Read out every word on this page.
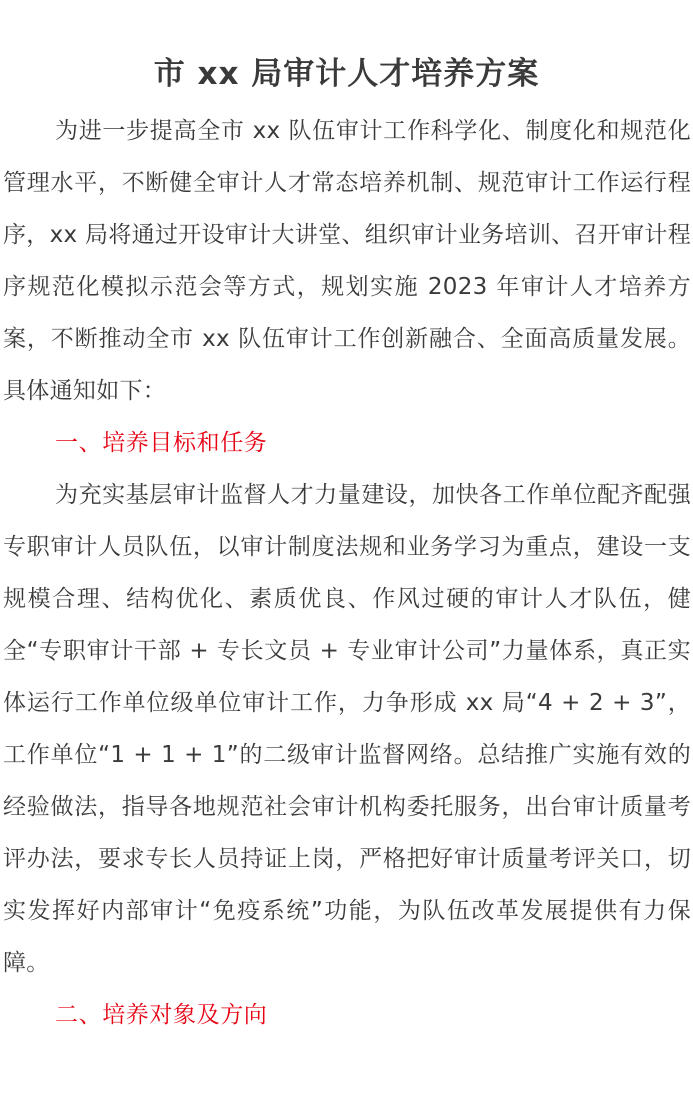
市 xx 局审计人才培养方案

为进一步提高全市 xx 队伍审计工作科学化、制度化和规范化管理水平，不断健全审计人才常态培养机制、规范审计工作运行程序，xx 局将通过开设审计大讲堂、组织审计业务培训、召开审计程序规范化模拟示范会等方式，规划实施 2023 年审计人才培养方案，不断推动全市 xx 队伍审计工作创新融合、全面高质量发展。具体通知如下：

一、培养目标和任务

为充实基层审计监督人才力量建设，加快各工作单位配齐配强专职审计人员队伍，以审计制度法规和业务学习为重点，建设一支规模合理、结构优化、素质优良、作风过硬的审计人才队伍，健全“专职审计干部 + 专长文员 + 专业审计公司”力量体系，真正实体运行工作单位级单位审计工作，力争形成 xx 局“4 + 2 + 3”，工作单位“1 + 1 + 1”的二级审计监督网络。总结推广实施有效的经验做法，指导各地规范社会审计机构委托服务，出台审计质量考评办法，要求专长人员持证上岗，严格把好审计质量考评关口，切实发挥好内部审计“免疫系统”功能，为队伍改革发展提供有力保障。

二、培养对象及方向
